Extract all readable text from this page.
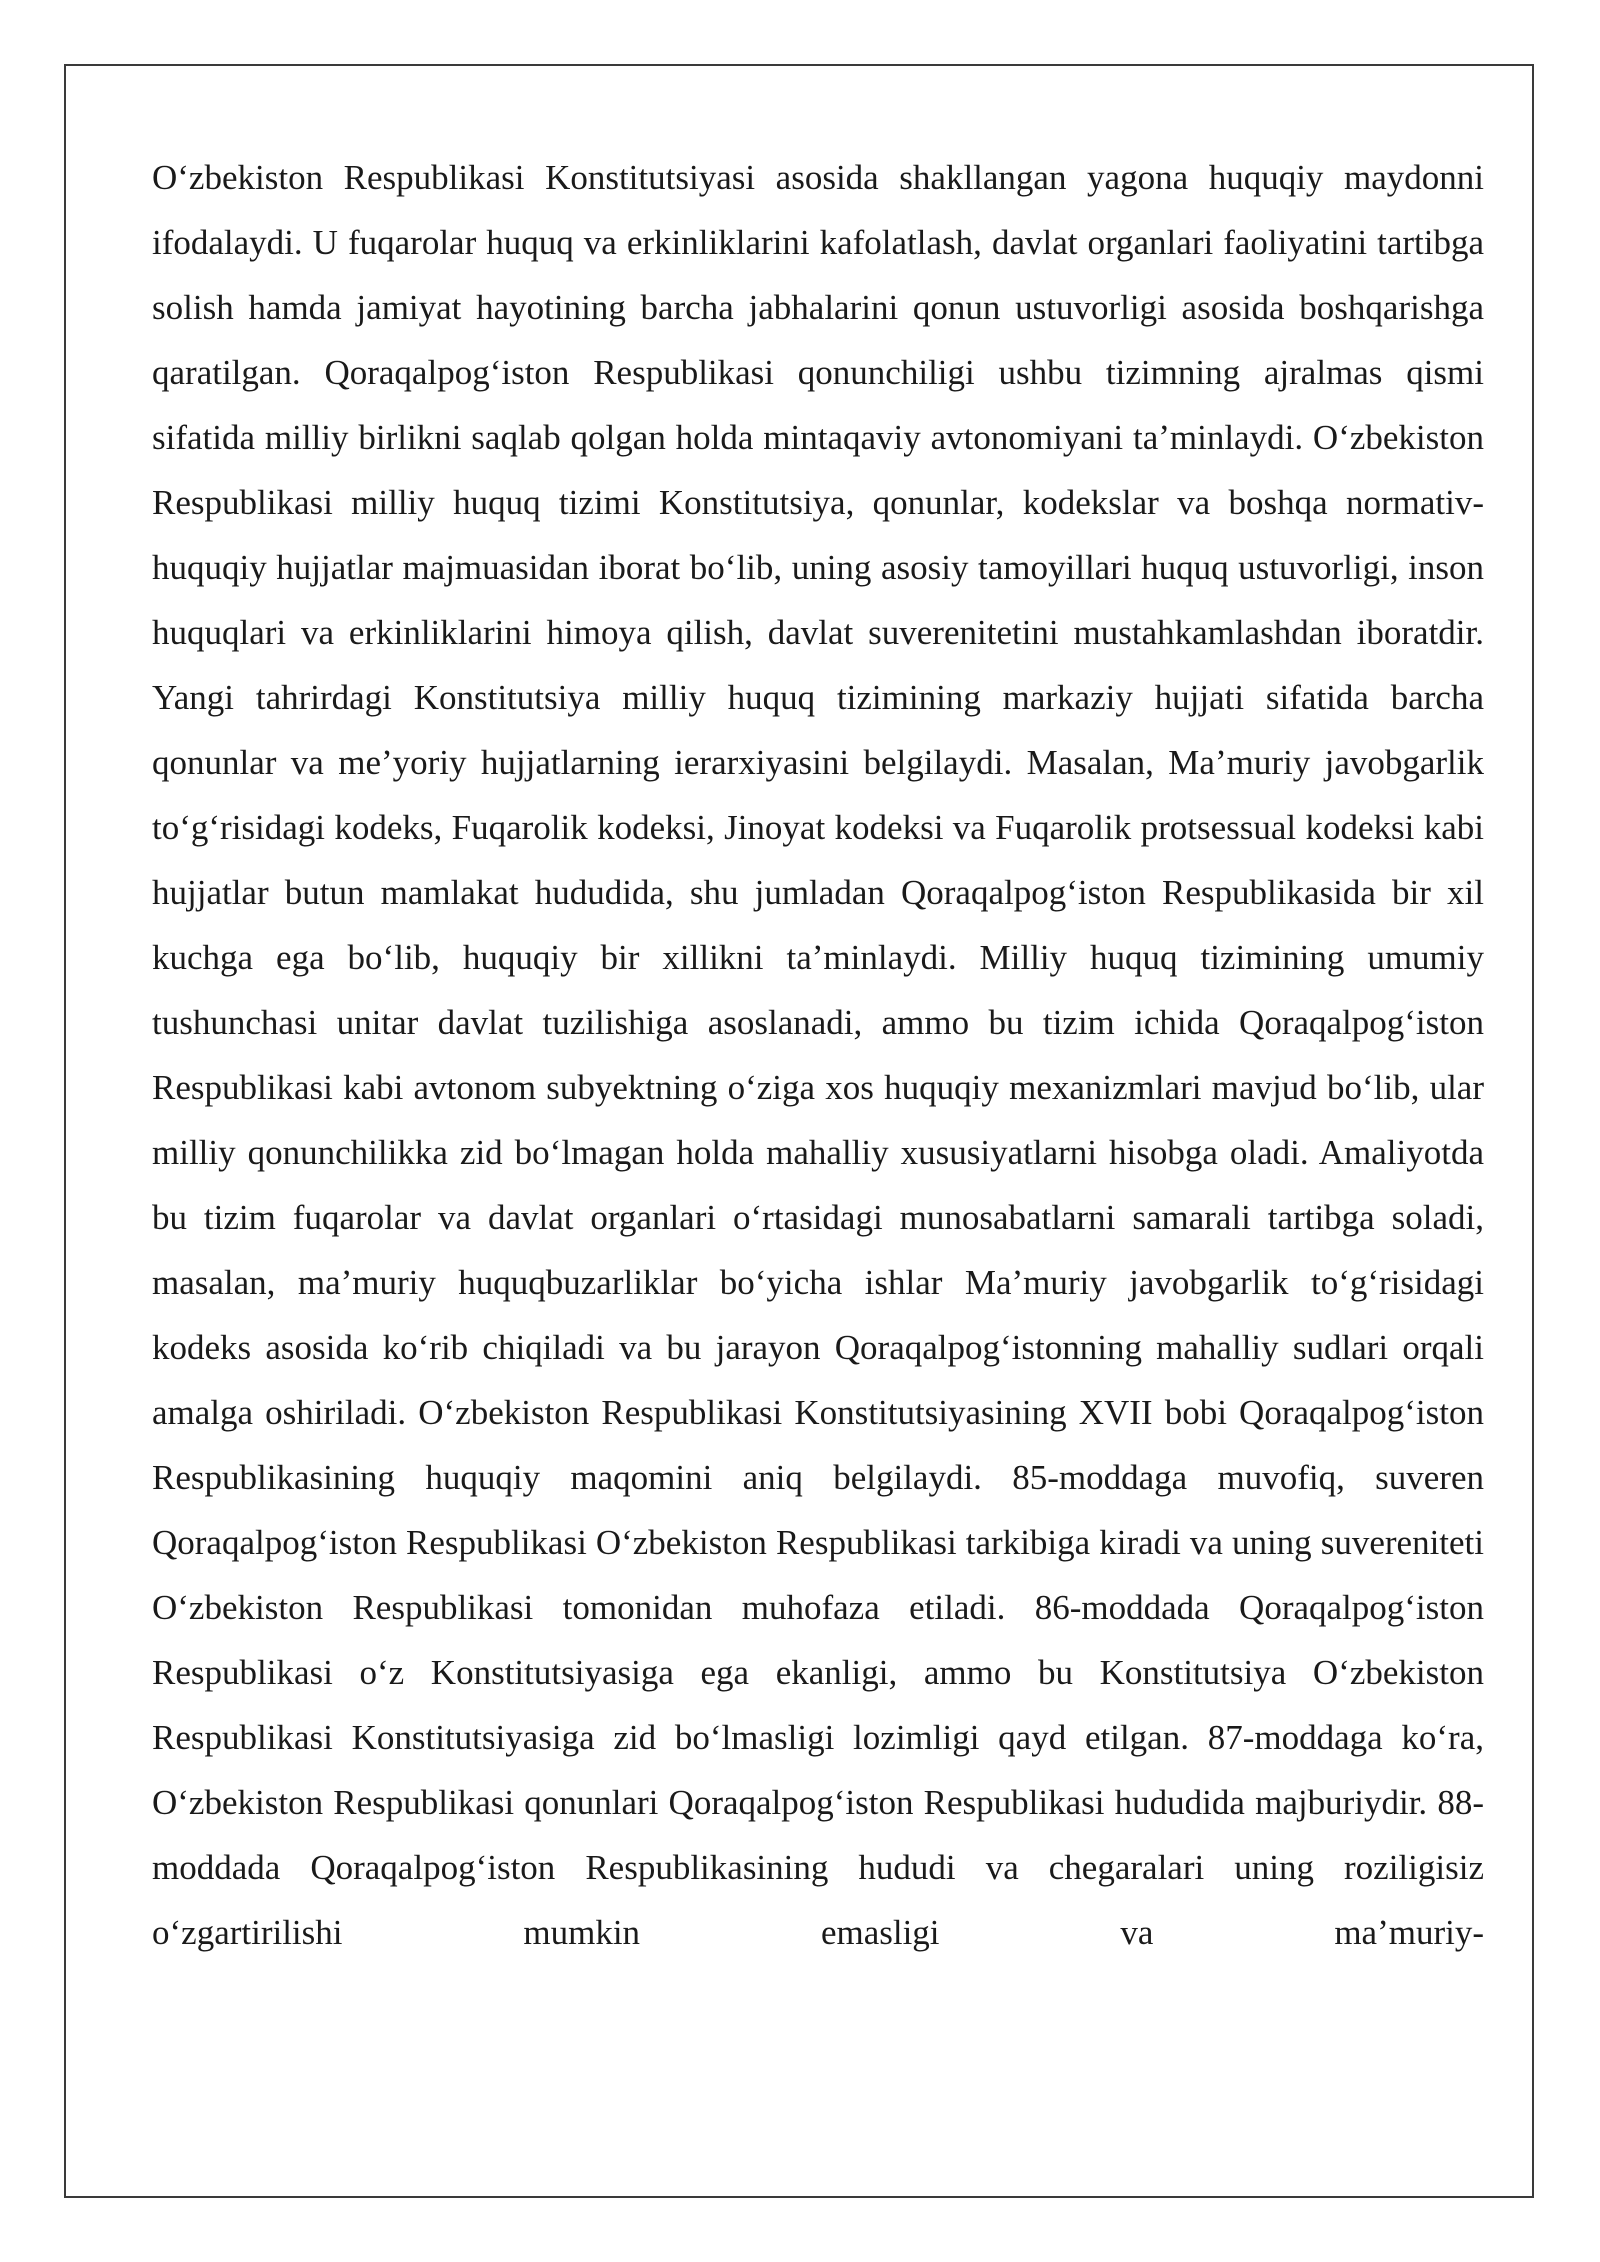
Oʻzbekiston Respublikasi Konstitutsiyasi asosida shakllangan yagona huquqiy maydonni ifodalaydi. U fuqarolar huquq va erkinliklarini kafolatlash, davlat organlari faoliyatini tartibga solish hamda jamiyat hayotining barcha jabhalarini qonun ustuvorligi asosida boshqarishga qaratilgan. Qoraqalpogʻiston Respublikasi qonunchiligi ushbu tizimning ajralmas qismi sifatida milliy birlikni saqlab qolgan holda mintaqaviy avtonomiyani taʼminlaydi. Oʻzbekiston Respublikasi milliy huquq tizimi Konstitutsiya, qonunlar, kodekslar va boshqa normativ-huquqiy hujjatlar majmuasidan iborat boʻlib, uning asosiy tamoyillari huquq ustuvorligi, inson huquqlari va erkinliklarini himoya qilish, davlat suverenitetini mustahkamlashdan iboratdir. Yangi tahrirdagi Konstitutsiya milliy huquq tizimining markaziy hujjati sifatida barcha qonunlar va meʼyoriy hujjatlarning ierarxiyasini belgilaydi. Masalan, Maʼmuriy javobgarlik toʻgʻrisidagi kodeks, Fuqarolik kodeksi, Jinoyat kodeksi va Fuqarolik protsessual kodeksi kabi hujjatlar butun mamlakat hududida, shu jumladan Qoraqalpogʻiston Respublikasida bir xil kuchga ega boʻlib, huquqiy bir xillikni taʼminlaydi. Milliy huquq tizimining umumiy tushunchasi unitar davlat tuzilishiga asoslanadi, ammo bu tizim ichida Qoraqalpogʻiston Respublikasi kabi avtonom subyektning oʻziga xos huquqiy mexanizmlari mavjud boʻlib, ular milliy qonunchilikka zid boʻlmagan holda mahalliy xususiyatlarni hisobga oladi. Amaliyotda bu tizim fuqarolar va davlat organlari oʻrtasidagi munosabatlarni samarali tartibga soladi, masalan, maʼmuriy huquqbuzarliklar boʻyicha ishlar Maʼmuriy javobgarlik toʻgʻrisidagi kodeks asosida koʻrib chiqiladi va bu jarayon Qoraqalpogʻistonning mahalliy sudlari orqali amalga oshiriladi. Oʻzbekiston Respublikasi Konstitutsiyasining XVII bobi Qoraqalpogʻiston Respublikasining huquqiy maqomini aniq belgilaydi. 85-moddaga muvofiq, suveren Qoraqalpogʻiston Respublikasi Oʻzbekiston Respublikasi tarkibiga kiradi va uning suvereniteti Oʻzbekiston Respublikasi tomonidan muhofaza etiladi. 86-moddada Qoraqalpogʻiston Respublikasi oʻz Konstitutsiyasiga ega ekanligi, ammo bu Konstitutsiya Oʻzbekiston Respublikasi Konstitutsiyasiga zid boʻlmasligi lozimligi qayd etilgan. 87-moddaga koʻra, Oʻzbekiston Respublikasi qonunlari Qoraqalpogʻiston Respublikasi hududida majburiydir. 88-moddada Qoraqalpogʻiston Respublikasining hududi va chegaralari uning roziligisiz oʻzgartirilishi mumkin emasligi va maʼmuriy-
